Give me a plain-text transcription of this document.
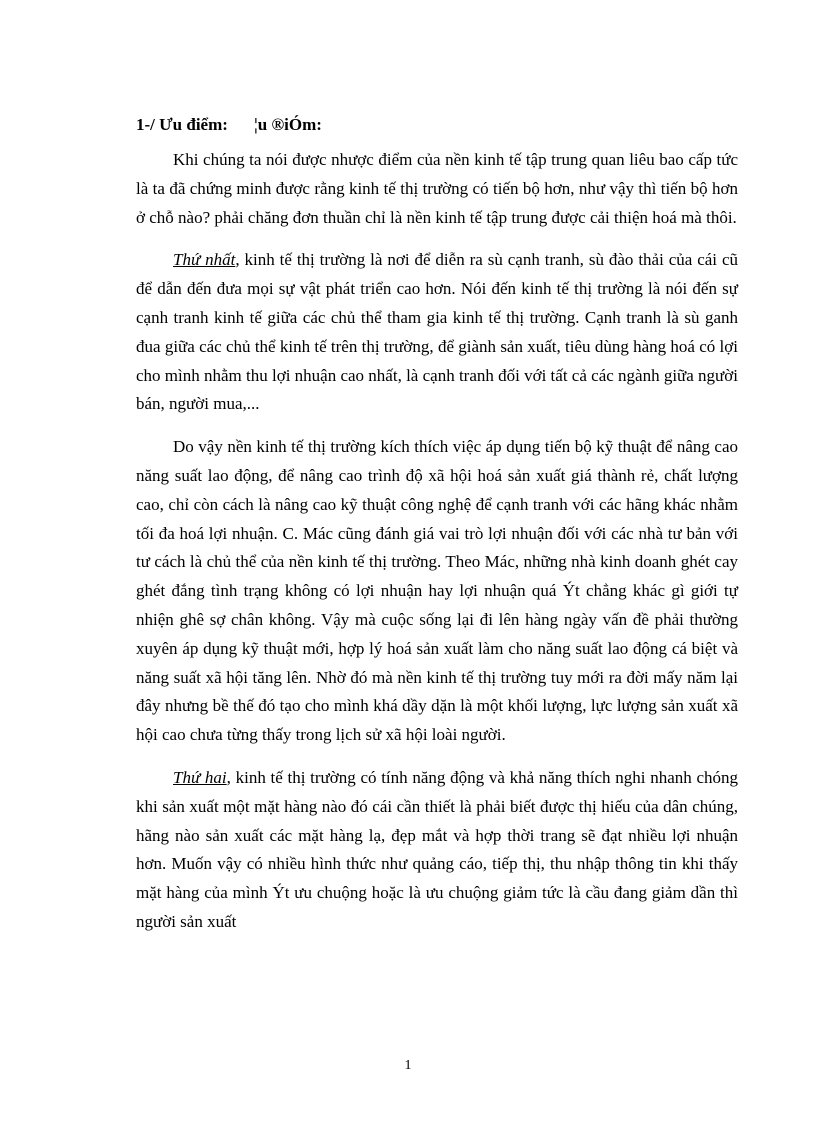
1-/ Ưu điểm: ¦u ®iÓm:

Khi chúng ta nói được nhược điểm của nền kinh tế tập trung quan liêu bao cấp tức là ta đã chứng minh được rằng kinh tế thị trường có tiến bộ hơn, như vậy thì tiến bộ hơn ở chỗ nào? phải chăng đơn thuần chỉ là nền kinh tế tập trung được cải thiện hoá mà thôi.

Thứ nhất, kinh tế thị trường là nơi để diễn ra sù cạnh tranh, sù đào thải của cái cũ để dẫn đến đưa mọi sự vật phát triển cao hơn. Nói đến kinh tế thị trường là nói đến sự cạnh tranh kinh tế giữa các chủ thể tham gia kinh tế thị trường. Cạnh tranh là sù ganh đua giữa các chủ thể kinh tế trên thị trường, để giành sản xuất, tiêu dùng hàng hoá có lợi cho mình nhằm thu lợi nhuận cao nhất, là cạnh tranh đối với tất cả các ngành giữa người bán, người mua,...

Do vậy nền kinh tế thị trường kích thích việc áp dụng tiến bộ kỹ thuật để nâng cao năng suất lao động, để nâng cao trình độ xã hội hoá sản xuất giá thành rẻ, chất lượng cao, chỉ còn cách là nâng cao kỹ thuật công nghệ để cạnh tranh với các hãng khác nhằm tối đa hoá lợi nhuận. C. Mác cũng đánh giá vai trò lợi nhuận đối với các nhà tư bản với tư cách là chủ thể của nền kinh tế thị trường. Theo Mác, những nhà kinh doanh ghét cay ghét đắng tình trạng không có lợi nhuận hay lợi nhuận quá Ýt chẳng khác gì giới tự nhiện ghê sợ chân không. Vậy mà cuộc sống lại đi lên hàng ngày vấn đề phải thường xuyên áp dụng kỹ thuật mới, hợp lý hoá sản xuất làm cho năng suất lao động cá biệt và năng suất xã hội tăng lên. Nhờ đó mà nền kinh tế thị trường tuy mới ra đời mấy năm lại đây nhưng bề thế đó tạo cho mình khá dầy dặn là một khối lượng, lực lượng sản xuất xã hội cao chưa từng thấy trong lịch sử xã hội loài người.

Thứ hai, kinh tế thị trường có tính năng động và khả năng thích nghi nhanh chóng khi sản xuất một mặt hàng nào đó cái cần thiết là phải biết được thị hiếu của dân chúng, hãng nào sản xuất các mặt hàng lạ, đẹp mắt và hợp thời trang sẽ đạt nhiều lợi nhuận hơn. Muốn vậy có nhiều hình thức như quảng cáo, tiếp thị, thu nhập thông tin khi thấy mặt hàng của mình Ýt ưu chuộng hoặc là ưu chuộng giảm tức là cầu đang giảm dần thì người sản xuất

1
